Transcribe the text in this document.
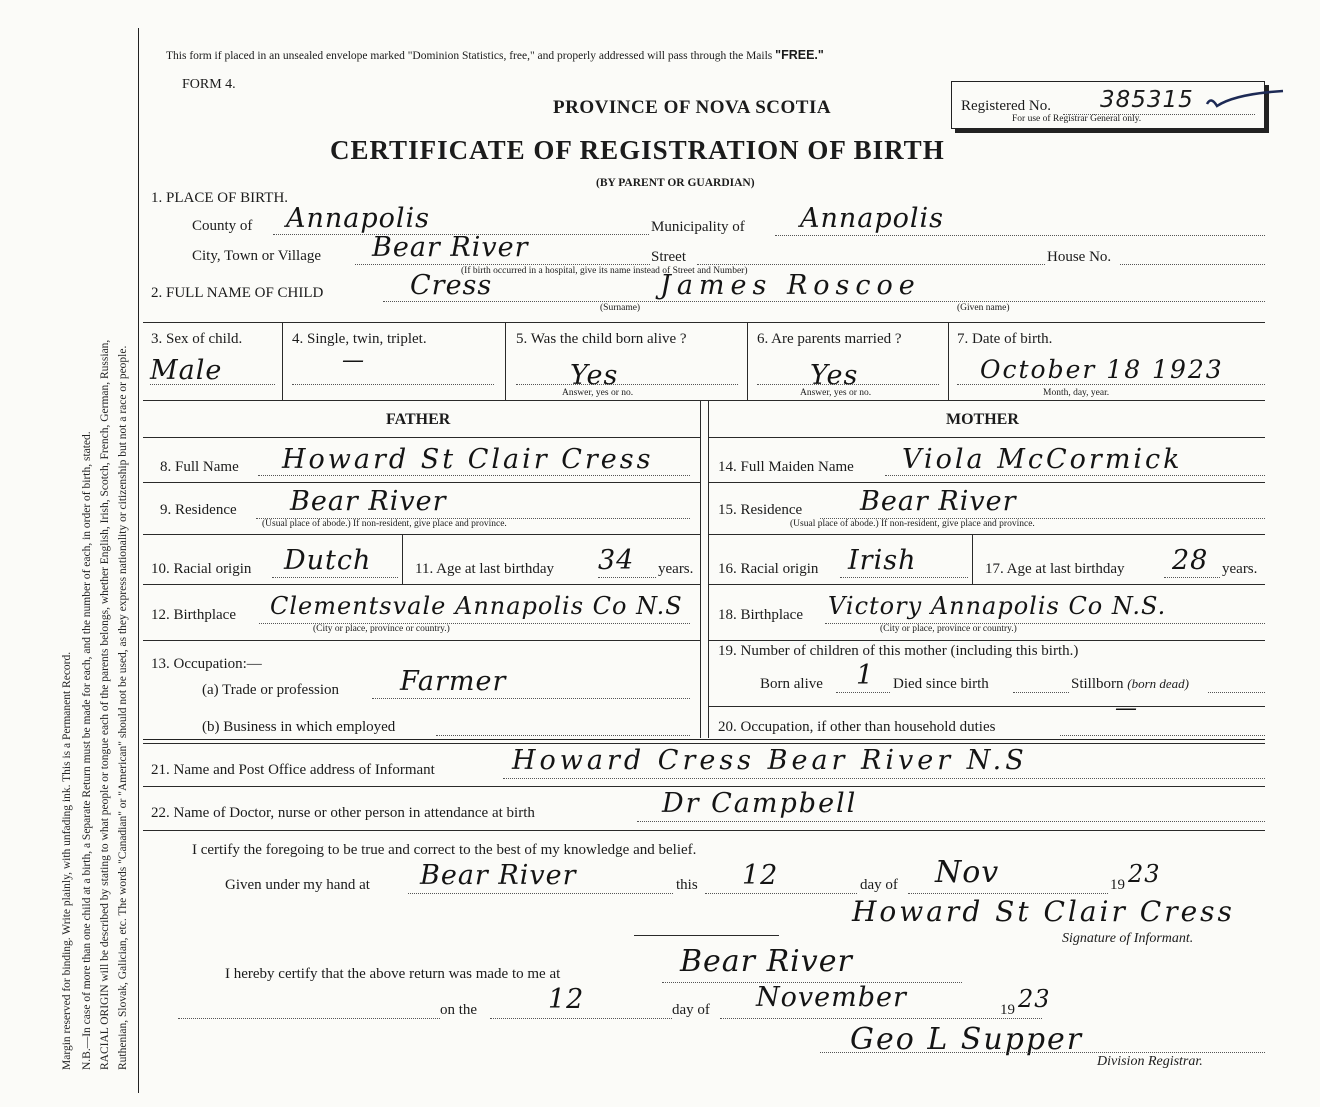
Margin reserved for binding. Write plainly, with unfading ink. This is a Permanent Record. N.B.—In case of more than one child at a birth, a Separate Return must be made for each, and the number of each, in order of birth, stated. RACIAL ORIGIN will be described by stating to what people or tongue each of the parents belongs, whether English, Irish, Scotch, French, German, Russian, Ruthenian, Slovak, Galician, etc. The words "Canadian" or "American" should not be used, as they express nationality or citizenship but not a race or people.
This form if placed in an unsealed envelope marked "Dominion Statistics, free," and properly addressed will pass through the Mails "FREE."
FORM 4.
PROVINCE OF NOVA SCOTIA	Registered No. 385315
For use of Registrar General only.
CERTIFICATE OF REGISTRATION OF BIRTH
(BY PARENT OR GUARDIAN)
1. PLACE OF BIRTH.
County of Annapolis	Municipality of Annapolis
City, Town or Village Bear River	Street	House No.
(If birth occurred in a hospital, give its name instead of Street and Number)
2. FULL NAME OF CHILD	Cress	James Roscoe
(Surname)	(Given name)
3. Sex of child.
Male
4. Single, twin, triplet.
—
5. Was the child born alive ?
Yes
Answer, yes or no.
6. Are parents married ?
Yes
Answer, yes or no.
7. Date of birth.
October 18 1923
Month, day, year.
FATHER	MOTHER
8. Full Name Howard St Clair Cress
9. Residence Bear River
(Usual place of abode.) If non-resident, give place and province.
10. Racial origin Dutch	11. Age at last birthday 34 years.
12. Birthplace Clementsvale Annapolis Co N.S
(City or place, province or country.)
13. Occupation:—
(a) Trade or profession Farmer
(b) Business in which employed
14. Full Maiden Name Viola McCormick
15. Residence Bear River
(Usual place of abode.) If non-resident, give place and province.
16. Racial origin Irish	17. Age at last birthday 28 years.
18. Birthplace Victory Annapolis Co N.S.
(City or place, province or country.)
19. Number of children of this mother (including this birth.)
Born alive 1 Died since birth	Stillborn (born dead)
20. Occupation, if other than household duties
—
21. Name and Post Office address of Informant	Howard Cress Bear River N.S
22. Name of Doctor, nurse or other person in attendance at birth	Dr Campbell
I certify the foregoing to be true and correct to the best of my knowledge and belief.
Given under my hand at Bear River	this 12	day of Nov	19 23
Howard St Clair Cress
Signature of Informant.
I hereby certify that the above return was made to me at	Bear River
on the	12	day of November	19 23
Geo L Supper
Division Registrar.
